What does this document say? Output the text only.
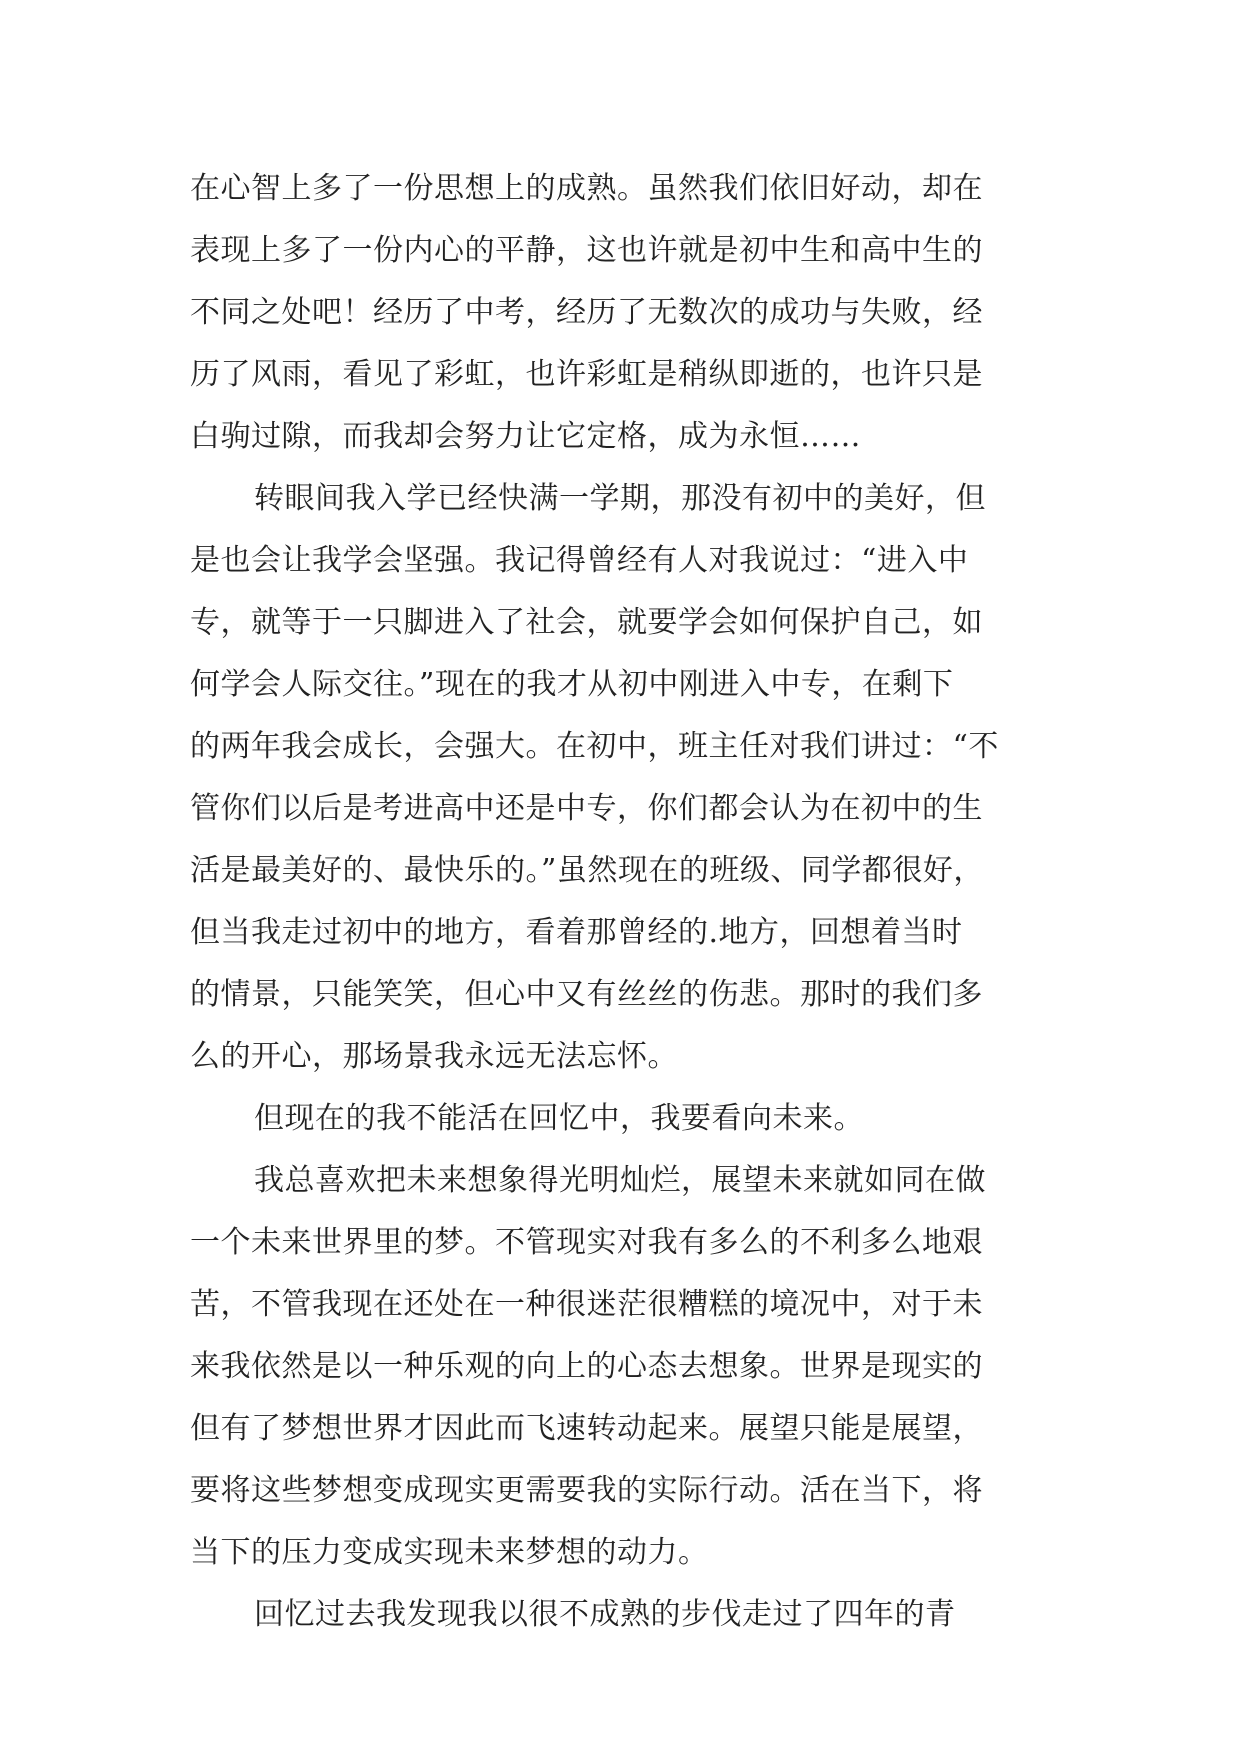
在心智上多了一份思想上的成熟。虽然我们依旧好动，却在
表现上多了一份内心的平静，这也许就是初中生和高中生的
不同之处吧！经历了中考，经历了无数次的成功与失败，经
历了风雨，看见了彩虹，也许彩虹是稍纵即逝的，也许只是
白驹过隙，而我却会努力让它定格，成为永恒……
转眼间我入学已经快满一学期，那没有初中的美好，但
是也会让我学会坚强。我记得曾经有人对我说过：“进入中
专，就等于一只脚进入了社会，就要学会如何保护自己，如
何学会人际交往。”现在的我才从初中刚进入中专，在剩下
的两年我会成长，会强大。在初中，班主任对我们讲过：“不
管你们以后是考进高中还是中专，你们都会认为在初中的生
活是最美好的、最快乐的。”虽然现在的班级、同学都很好，
但当我走过初中的地方，看着那曾经的.地方，回想着当时
的情景，只能笑笑，但心中又有丝丝的伤悲。那时的我们多
么的开心，那场景我永远无法忘怀。
但现在的我不能活在回忆中，我要看向未来。
我总喜欢把未来想象得光明灿烂，展望未来就如同在做
一个未来世界里的梦。不管现实对我有多么的不利多么地艰
苦，不管我现在还处在一种很迷茫很糟糕的境况中，对于未
来我依然是以一种乐观的向上的心态去想象。世界是现实的
但有了梦想世界才因此而飞速转动起来。展望只能是展望，
要将这些梦想变成现实更需要我的实际行动。活在当下，将
当下的压力变成实现未来梦想的动力。
回忆过去我发现我以很不成熟的步伐走过了四年的青
